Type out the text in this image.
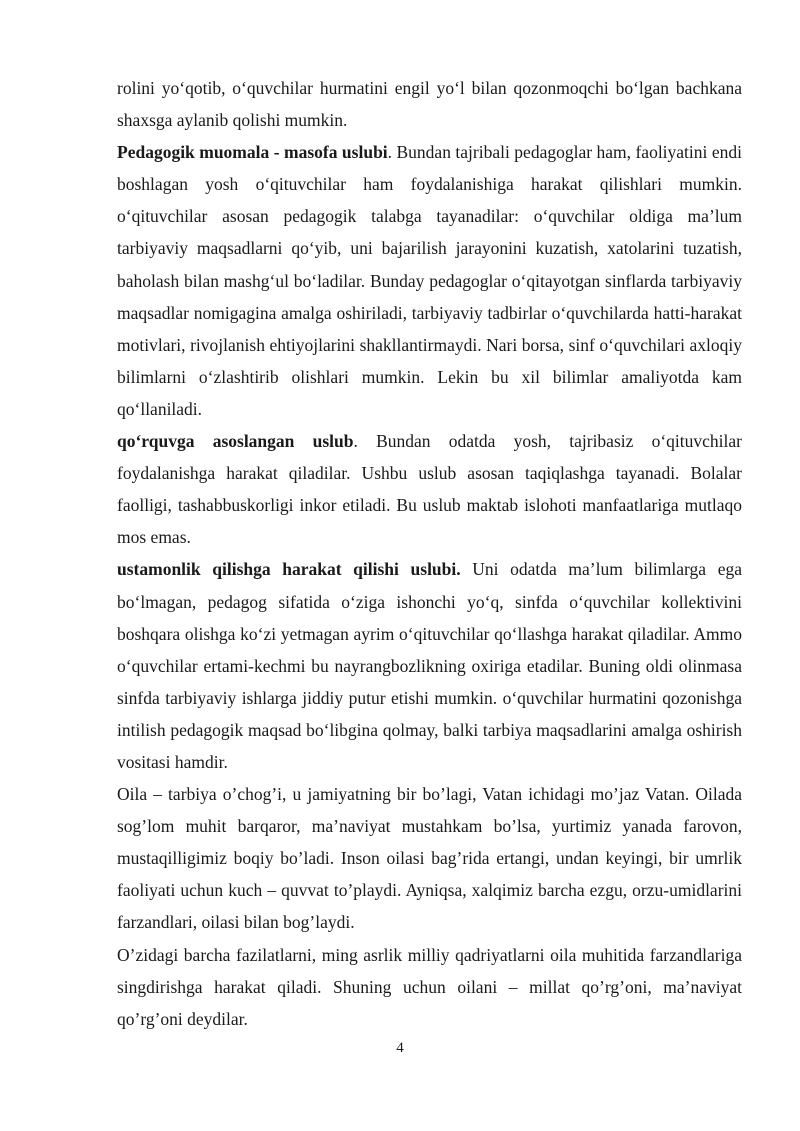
rolini yo‘qotib, o‘quvchilar hurmatini engil yo‘l bilan qozonmoqchi bo‘lgan bachkana shaxsga aylanib qolishi mumkin.

Pedagogik muomala - masofa uslubi. Bundan tajribali pedagoglar ham, faoliyatini endi boshlagan yosh o‘qituvchilar ham foydalanishiga harakat qilishlari mumkin. o‘qituvchilar asosan pedagogik talabga tayanadilar: o‘quvchilar oldiga ma’lum tarbiyaviy maqsadlarni qo‘yib, uni bajarilish jarayonini kuzatish, xatolarini tuzatish, baholash bilan mashg‘ul bo‘ladilar. Bunday pedagoglar o‘qitayotgan sinflarda tarbiyaviy maqsadlar nomigagina amalga oshiriladi, tarbiyaviy tadbirlar o‘quvchilarda hatti-harakat motivlari, rivojlanish ehtiyojlarini shakllantirmaydi. Nari borsa, sinf o‘quvchilari axloqiy bilimlarni o‘zlashtirib olishlari mumkin. Lekin bu xil bilimlar amaliyotda kam qo‘llaniladi.

qo‘rquvga asoslangan uslub. Bundan odatda yosh, tajribasiz o‘qituvchilar foydalanishga harakat qiladilar. Ushbu uslub asosan taqiqlashga tayanadi. Bolalar faolligi, tashabbuskorligi inkor etiladi. Bu uslub maktab islohoti manfaatlariga mutlaqo mos emas.

ustamonlik qilishga harakat qilishi uslubi. Uni odatda ma’lum bilimlarga ega bo‘lmagan, pedagog sifatida o‘ziga ishonchi yo‘q, sinfda o‘quvchilar kollektivini boshqara olishga ko‘zi yetmagan ayrim o‘qituvchilar qo‘llashga harakat qiladilar. Ammo o‘quvchilar ertami-kechmi bu nayrangbozlikning oxiriga etadilar. Buning oldi olinmasa sinfda tarbiyaviy ishlarga jiddiy putur etishi mumkin. o‘quvchilar hurmatini qozonishga intilish pedagogik maqsad bo‘libgina qolmay, balki tarbiya maqsadlarini amalga oshirish vositasi hamdir.

Oila – tarbiya o’chog’i, u jamiyatning bir bo’lagi, Vatan ichidagi mo’jaz Vatan. Oilada sog’lom muhit barqaror, ma’naviyat mustahkam bo’lsa, yurtimiz yanada farovon, mustaqilligimiz boqiy bo’ladi. Inson oilasi bag’rida ertangi, undan keyingi, bir umrlik faoliyati uchun kuch – quvvat to’playdi. Ayniqsa, xalqimiz barcha ezgu, orzu-umidlarini farzandlari, oilasi bilan bog’laydi.

O’zidagi barcha fazilatlarni, ming asrlik milliy qadriyatlarni oila muhitida farzandlariga singdirishga harakat qiladi. Shuning uchun oilani – millat qo’rg’oni, ma’naviyat qo’rg’oni deydilar.

4
